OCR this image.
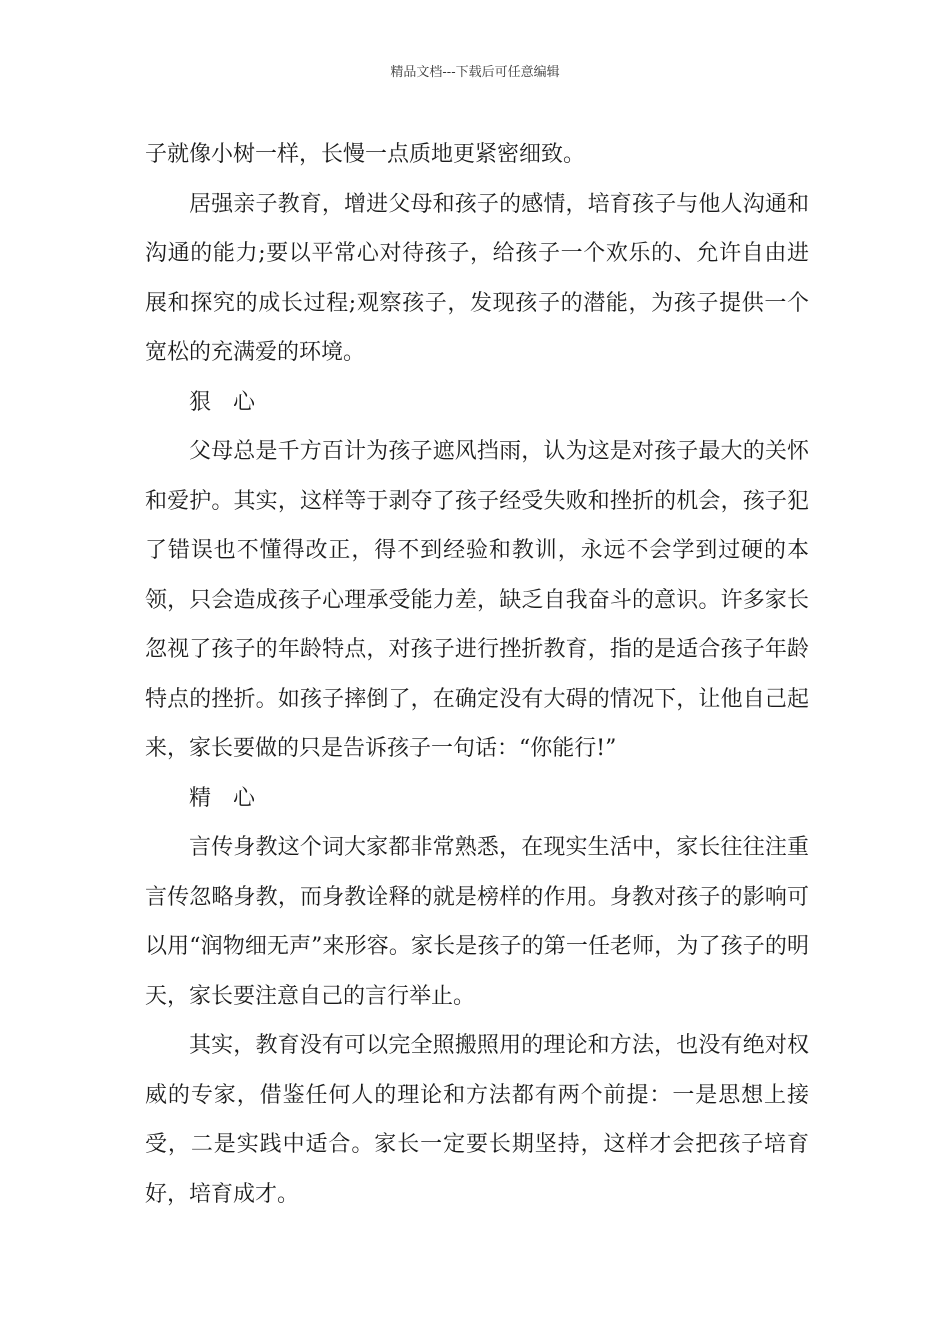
精品文档---下载后可任意编辑

子就像小树一样，长慢一点质地更紧密细致。

居强亲子教育，增进父母和孩子的感情，培育孩子与他人沟通和沟通的能力;要以平常心对待孩子，给孩子一个欢乐的、允许自由进展和探究的成长过程;观察孩子，发现孩子的潜能，为孩子提供一个宽松的充满爱的环境。

狠 心

父母总是千方百计为孩子遮风挡雨，认为这是对孩子最大的关怀和爱护。其实，这样等于剥夺了孩子经受失败和挫折的机会，孩子犯了错误也不懂得改正，得不到经验和教训，永远不会学到过硬的本领，只会造成孩子心理承受能力差，缺乏自我奋斗的意识。许多家长忽视了孩子的年龄特点，对孩子进行挫折教育，指的是适合孩子年龄特点的挫折。如孩子摔倒了，在确定没有大碍的情况下，让他自己起来，家长要做的只是告诉孩子一句话：“你能行!”

精 心

言传身教这个词大家都非常熟悉，在现实生活中，家长往往注重言传忽略身教，而身教诠释的就是榜样的作用。身教对孩子的影响可以用“润物细无声”来形容。家长是孩子的第一任老师，为了孩子的明天，家长要注意自己的言行举止。

其实，教育没有可以完全照搬照用的理论和方法，也没有绝对权威的专家，借鉴任何人的理论和方法都有两个前提：一是思想上接受，二是实践中适合。家长一定要长期坚持，这样才会把孩子培育好，培育成才。
